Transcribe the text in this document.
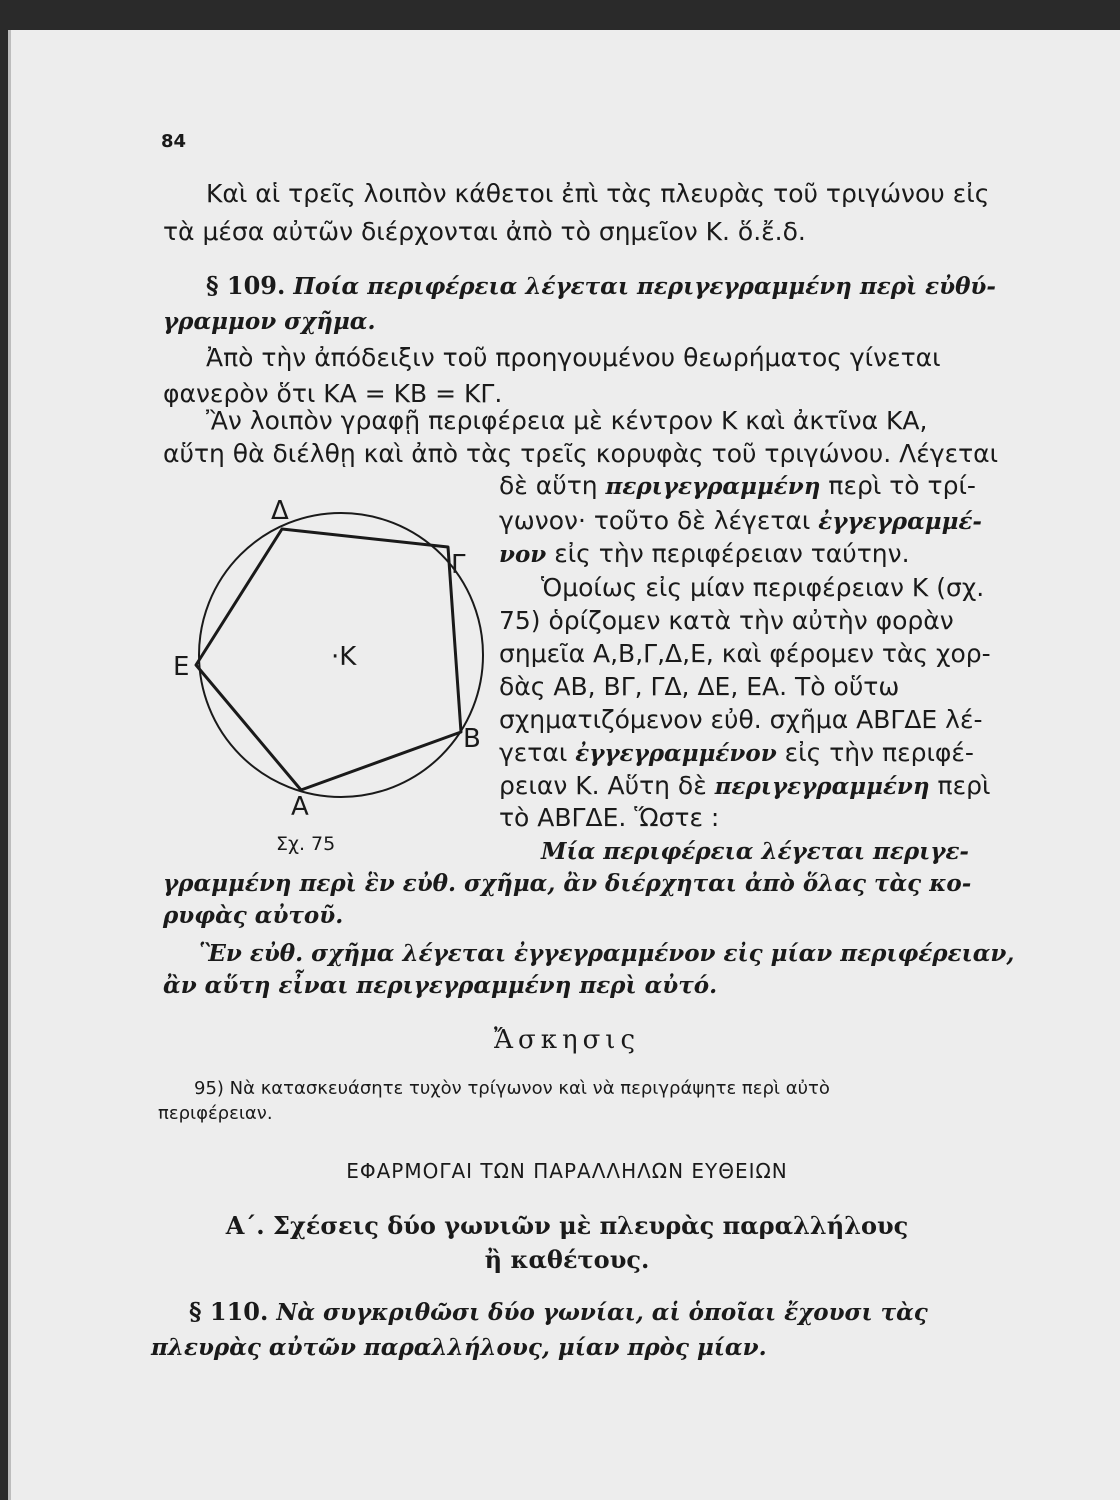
84
Καὶ αἱ τρεῖς λοιπὸν κάθετοι ἐπὶ τὰς πλευρὰς τοῦ τριγώνου εἰς
τὰ μέσα αὐτῶν διέρχονται ἀπὸ τὸ σημεῖον Κ. ὅ.ἔ.δ.
§ 109. Ποία περιφέρεια λέγεται περιγεγραμμένη περὶ εὐθύ-
γραμμον σχῆμα.
Ἀπὸ τὴν ἀπόδειξιν τοῦ προηγουμένου θεωρήματος γίνεται
φανερὸν ὅτι ΚΑ = ΚΒ = ΚΓ.
Ἂν λοιπὸν γραφῇ περιφέρεια μὲ κέντρον Κ καὶ ἀκτῖνα ΚΑ,
αὕτη θὰ διέλθῃ καὶ ἀπὸ τὰς τρεῖς κορυφὰς τοῦ τριγώνου. Λέγεται
δὲ αὕτη περιγεγραμμένη περὶ τὸ τρί-
γωνον· τοῦτο δὲ λέγεται ἐγγεγραμμέ-
νον εἰς τὴν περιφέρειαν ταύτην.
Ὁμοίως εἰς μίαν περιφέρειαν Κ (σχ.
75) ὁρίζομεν κατὰ τὴν αὐτὴν φορὰν
σημεῖα Α,Β,Γ,Δ,Ε, καὶ φέρομεν τὰς χορ-
δὰς ΑΒ, ΒΓ, ΓΔ, ΔΕ, ΕΑ. Τὸ οὕτω
σχηματιζόμενον εὐθ. σχῆμα ΑΒΓΔΕ λέ-
γεται ἐγγεγραμμένον εἰς τὴν περιφέ-
ρειαν Κ. Αὕτη δὲ περιγεγραμμένη περὶ
τὸ ΑΒΓΔΕ. Ὥστε :
Δ
Γ
Ε	·Κ
Β
Α
Σχ. 75	Μία περιφέρεια λέγεται περιγε-
γραμμένη περὶ ἓν εὐθ. σχῆμα, ἂν διέρχηται ἀπὸ ὅλας τὰς κο-
ρυφὰς αὐτοῦ.
Ἓν εὐθ. σχῆμα λέγεται ἐγγεγραμμένον εἰς μίαν περιφέρειαν,
ἂν αὕτη εἶναι περιγεγραμμένη περὶ αὐτό.
Ἄσκησις
95) Νὰ κατασκευάσητε τυχὸν τρίγωνον καὶ νὰ περιγράψητε περὶ αὐτὸ
περιφέρειαν.
ΕΦΑΡΜΟΓΑΙ ΤΩΝ ΠΑΡΑΛΛΗΛΩΝ ΕΥΘΕΙΩΝ
Α΄. Σχέσεις δύο γωνιῶν μὲ πλευρὰς παραλλήλους
ἢ καθέτους.
§ 110. Νὰ συγκριθῶσι δύο γωνίαι, αἱ ὁποῖαι ἔχουσι τὰς
πλευρὰς αὐτῶν παραλλήλους, μίαν πρὸς μίαν.
